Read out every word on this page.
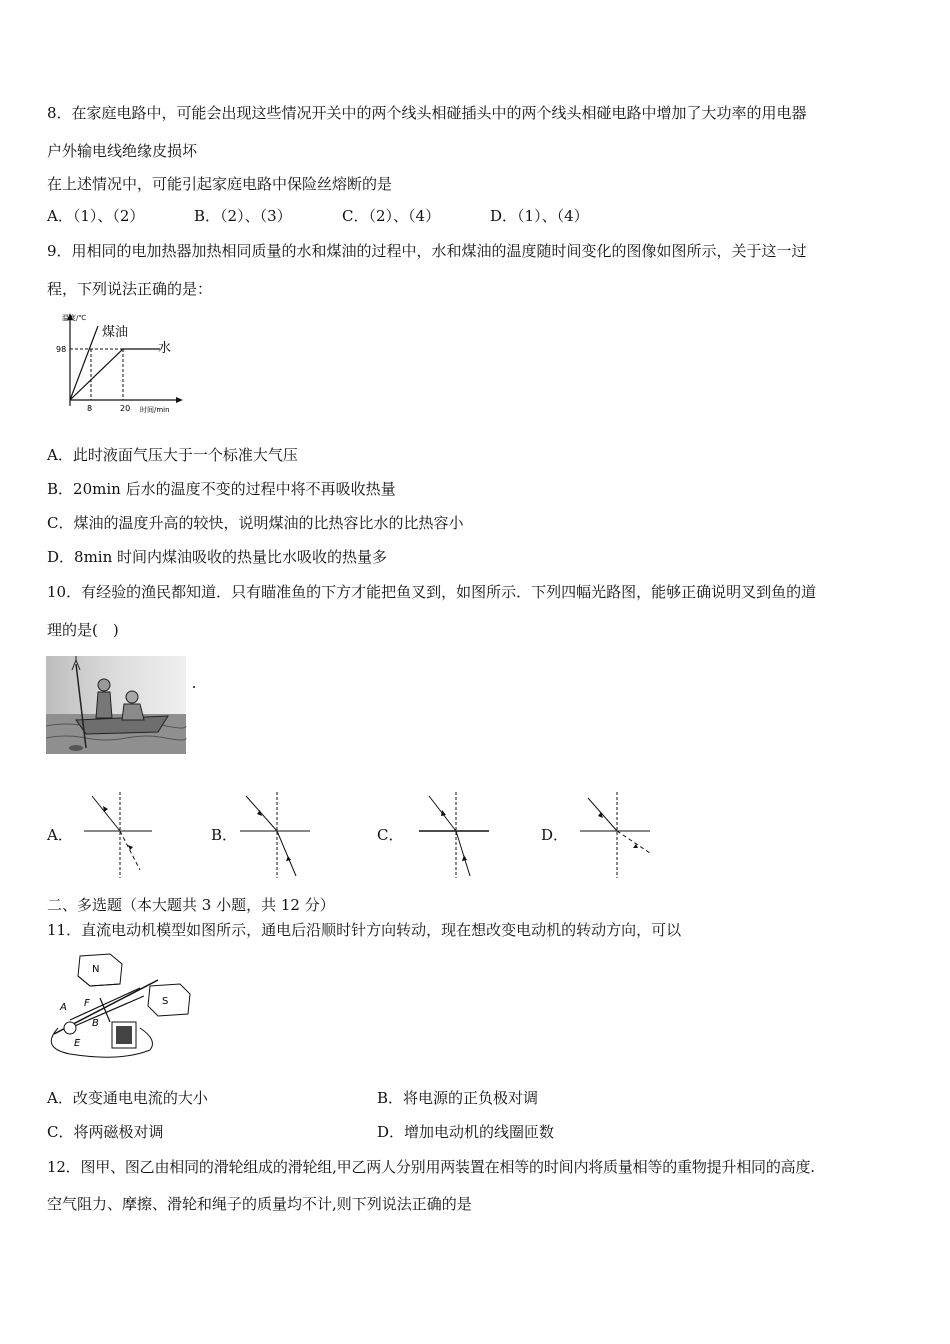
8．在家庭电路中，可能会出现这些情况开关中的两个线头相碰插头中的两个线头相碰电路中增加了大功率的用电器
户外输电线绝缘皮损坏
在上述情况中，可能引起家庭电路中保险丝熔断的是
A．（1）、（2）	B．（2）、（3）	C．（2）、（4）	D．（1）、（4）
9．用相同的电加热器加热相同质量的水和煤油的过程中，水和煤油的温度随时间变化的图像如图所示，关于这一过
程，下列说法正确的是：
温度/℃
时间/min
98
8	20
煤油
水
A．此时液面气压大于一个标准大气压
B．20min 后水的温度不变的过程中将不再吸收热量
C．煤油的温度升高的较快，说明煤油的比热容比水的比热容小
D．8min 时间内煤油吸收的热量比水吸收的热量多
10．有经验的渔民都知道．只有瞄准鱼的下方才能把鱼叉到，如图所示．下列四幅光路图，能够正确说明叉到鱼的道
理的是(　)
A．	B．	C．	D．
二、多选题（本大题共 3 小题，共 12 分）
11．直流电动机模型如图所示，通电后沿顺时针方向转动，现在想改变电动机的转动方向，可以
N
S
A F
B
E
A．改变通电电流的大小	B．将电源的正负极对调
C．将两磁极对调	D．增加电动机的线圈匝数
12．图甲、图乙由相同的滑轮组成的滑轮组,甲乙两人分别用两装置在相等的时间内将质量相等的重物提升相同的高度.
空气阻力、摩擦、滑轮和绳子的质量均不计,则下列说法正确的是
